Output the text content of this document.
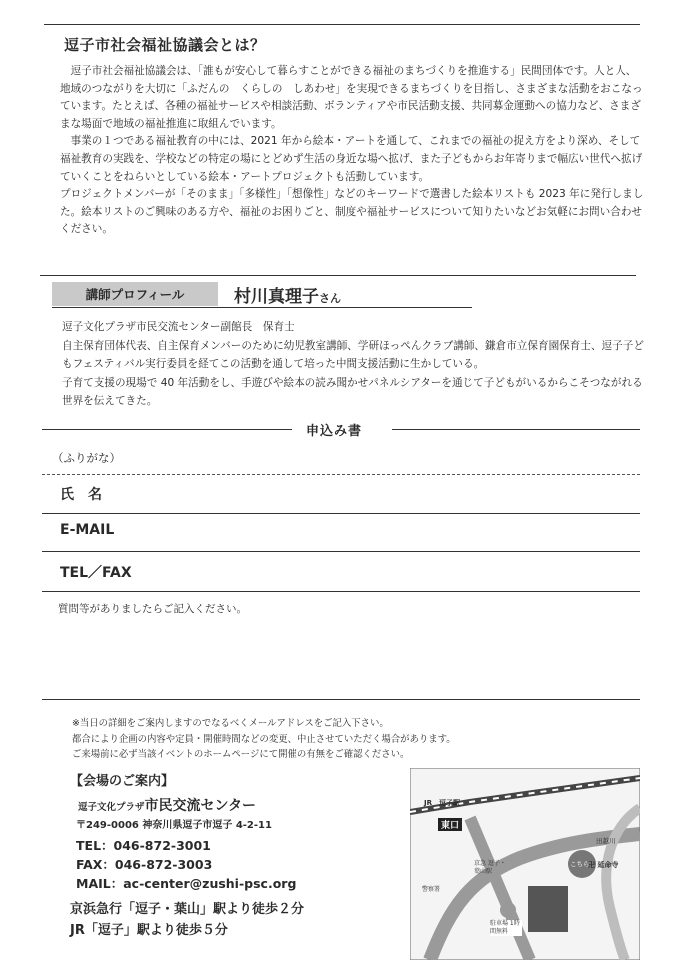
逗子市社会福祉協議会とは？

逗子市社会福祉協議会は、「誰もが安心して暮らすことができる福祉のまちづくりを推進する」民間団体です。人と人、地域のつながりを大切に「ふだんの　くらしの　しあわせ」を実現できるまちづくりを目指し、さまざまな活動をおこなっています。たとえば、各種の福祉サービスや相談活動、ボランティアや市民活動支援、共同募金運動への協力など、さまざまな場面で地域の福祉推進に取組んでいます。

事業の１つである福祉教育の中には、2021 年から絵本・アートを通して、これまでの福祉の捉え方をより深め、そして福祉教育の実践を、学校などの特定の場にとどめず生活の身近な場へ拡げ、また子どもからお年寄りまで幅広い世代へ拡げていくことをねらいとしている絵本・アートプロジェクトも活動しています。

プロジェクトメンバーが「そのまま」「多様性」「想像性」などのキーワードで選書した絵本リストも 2023 年に発行しました。絵本リストのご興味のある方や、福祉のお困りごと、制度や福祉サービスについて知りたいなどお気軽にお問い合わせください。

講師プロフィール	村川真理子さん
逗子文化プラザ市民交流センター副館長　保育士
自主保育団体代表、自主保育メンバーのために幼児教室講師、学研ほっぺんクラブ講師、鎌倉市立保育園保育士、逗子子どもフェスティバル実行委員を経てこの活動を通して培った中間支援活動に生かしている。
子育て支援の現場で 40 年活動をし、手遊びや絵本の読み聞かせパネルシアターを通じて子どもがいるからこそつながれる世界を伝えてきた。
申込み書
（ふりがな）
氏　名
E-MAIL
TEL／FAX
質問等がありましたらご記入ください。
※当日の詳細をご案内しますのでなるべくメールアドレスをご記入下さい。
都合により企画の内容や定員・開催時間などの変更、中止させていただく場合があります。
ご来場前に必ず当該イベントのホームページにて開催の有無をご確認ください。
【会場のご案内】
逗子文化プラザ市民交流センター
〒249-0006 神奈川県逗子市逗子 4-2-11
TEL：046-872-3001
FAX：046-872-3003
MAIL：ac-center@zushi-psc.org
京浜急行「逗子・葉山」駅より徒歩２分
JR「逗子」駅より徒歩５分
JR　逗子駅
東口
田越川
卍 延命寺
こちら
京急 逗子・葉山駅
警察署
駐車場 1時間無料
